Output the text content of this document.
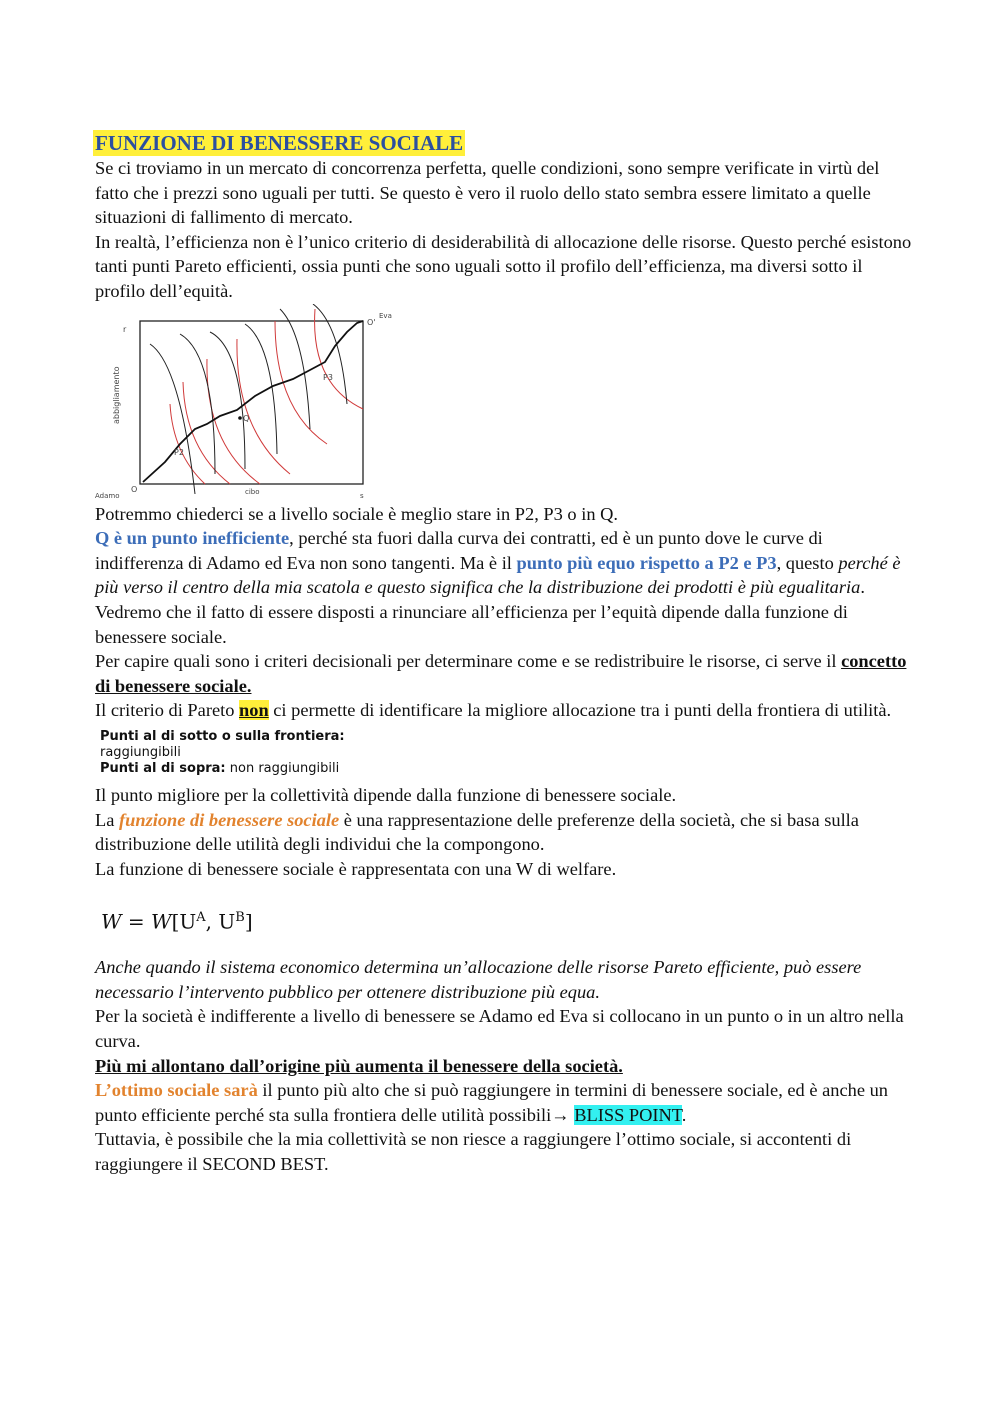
FUNZIONE DI BENESSERE SOCIALE

Se ci troviamo in un mercato di concorrenza perfetta, quelle condizioni, sono sempre verificate in virtù del fatto che i prezzi sono uguali per tutti. Se questo è vero il ruolo dello stato sembra essere limitato a quelle situazioni di fallimento di mercato.

In realtà, l’efficienza non è l’unico criterio di desiderabilità di allocazione delle risorse. Questo perché esistono tanti punti Pareto efficienti, ossia punti che sono uguali sotto il profilo dell’efficienza, ma diversi sotto il profilo dell’equità.

r
O'
Eva
abbigliamento	P3
Q
P2
Adamo
O	cibo	s

Potremmo chiederci se a livello sociale è meglio stare in P2, P3 o in Q.

Q è un punto inefficiente, perché sta fuori dalla curva dei contratti, ed è un punto dove le curve di indifferenza di Adamo ed Eva non sono tangenti. Ma è il punto più equo rispetto a P2 e P3, questo perché è più verso il centro della mia scatola e questo significa che la distribuzione dei prodotti è più egualitaria.

Vedremo che il fatto di essere disposti a rinunciare all’efficienza per l’equità dipende dalla funzione di benessere sociale.

Per capire quali sono i criteri decisionali per determinare come e se redistribuire le risorse, ci serve il concetto di benessere sociale.

Il criterio di Pareto non ci permette di identificare la migliore allocazione tra i punti della frontiera di utilità.

Punti al di sotto o sulla frontiera:
raggiungibili
Punti al di sopra: non raggiungibili

Il punto migliore per la collettività dipende dalla funzione di benessere sociale.

La funzione di benessere sociale è una rappresentazione delle preferenze della società, che si basa sulla distribuzione delle utilità degli individui che la compongono.

La funzione di benessere sociale è rappresentata con una W di welfare.

$W = W[U^A$, $U^B$]

Anche quando il sistema economico determina un’allocazione delle risorse Pareto efficiente, può essere necessario l’intervento pubblico per ottenere distribuzione più equa.

Per la società è indifferente a livello di benessere se Adamo ed Eva si collocano in un punto o in un altro nella curva.

Più mi allontano dall’origine più aumenta il benessere della società.

L’ottimo sociale sarà il punto più alto che si può raggiungere in termini di benessere sociale, ed è anche un punto efficiente perché sta sulla frontiera delle utilità possibili→ BLISS POINT.

Tuttavia, è possibile che la mia collettività se non riesce a raggiungere l’ottimo sociale, si accontenti di raggiungere il SECOND BEST.
